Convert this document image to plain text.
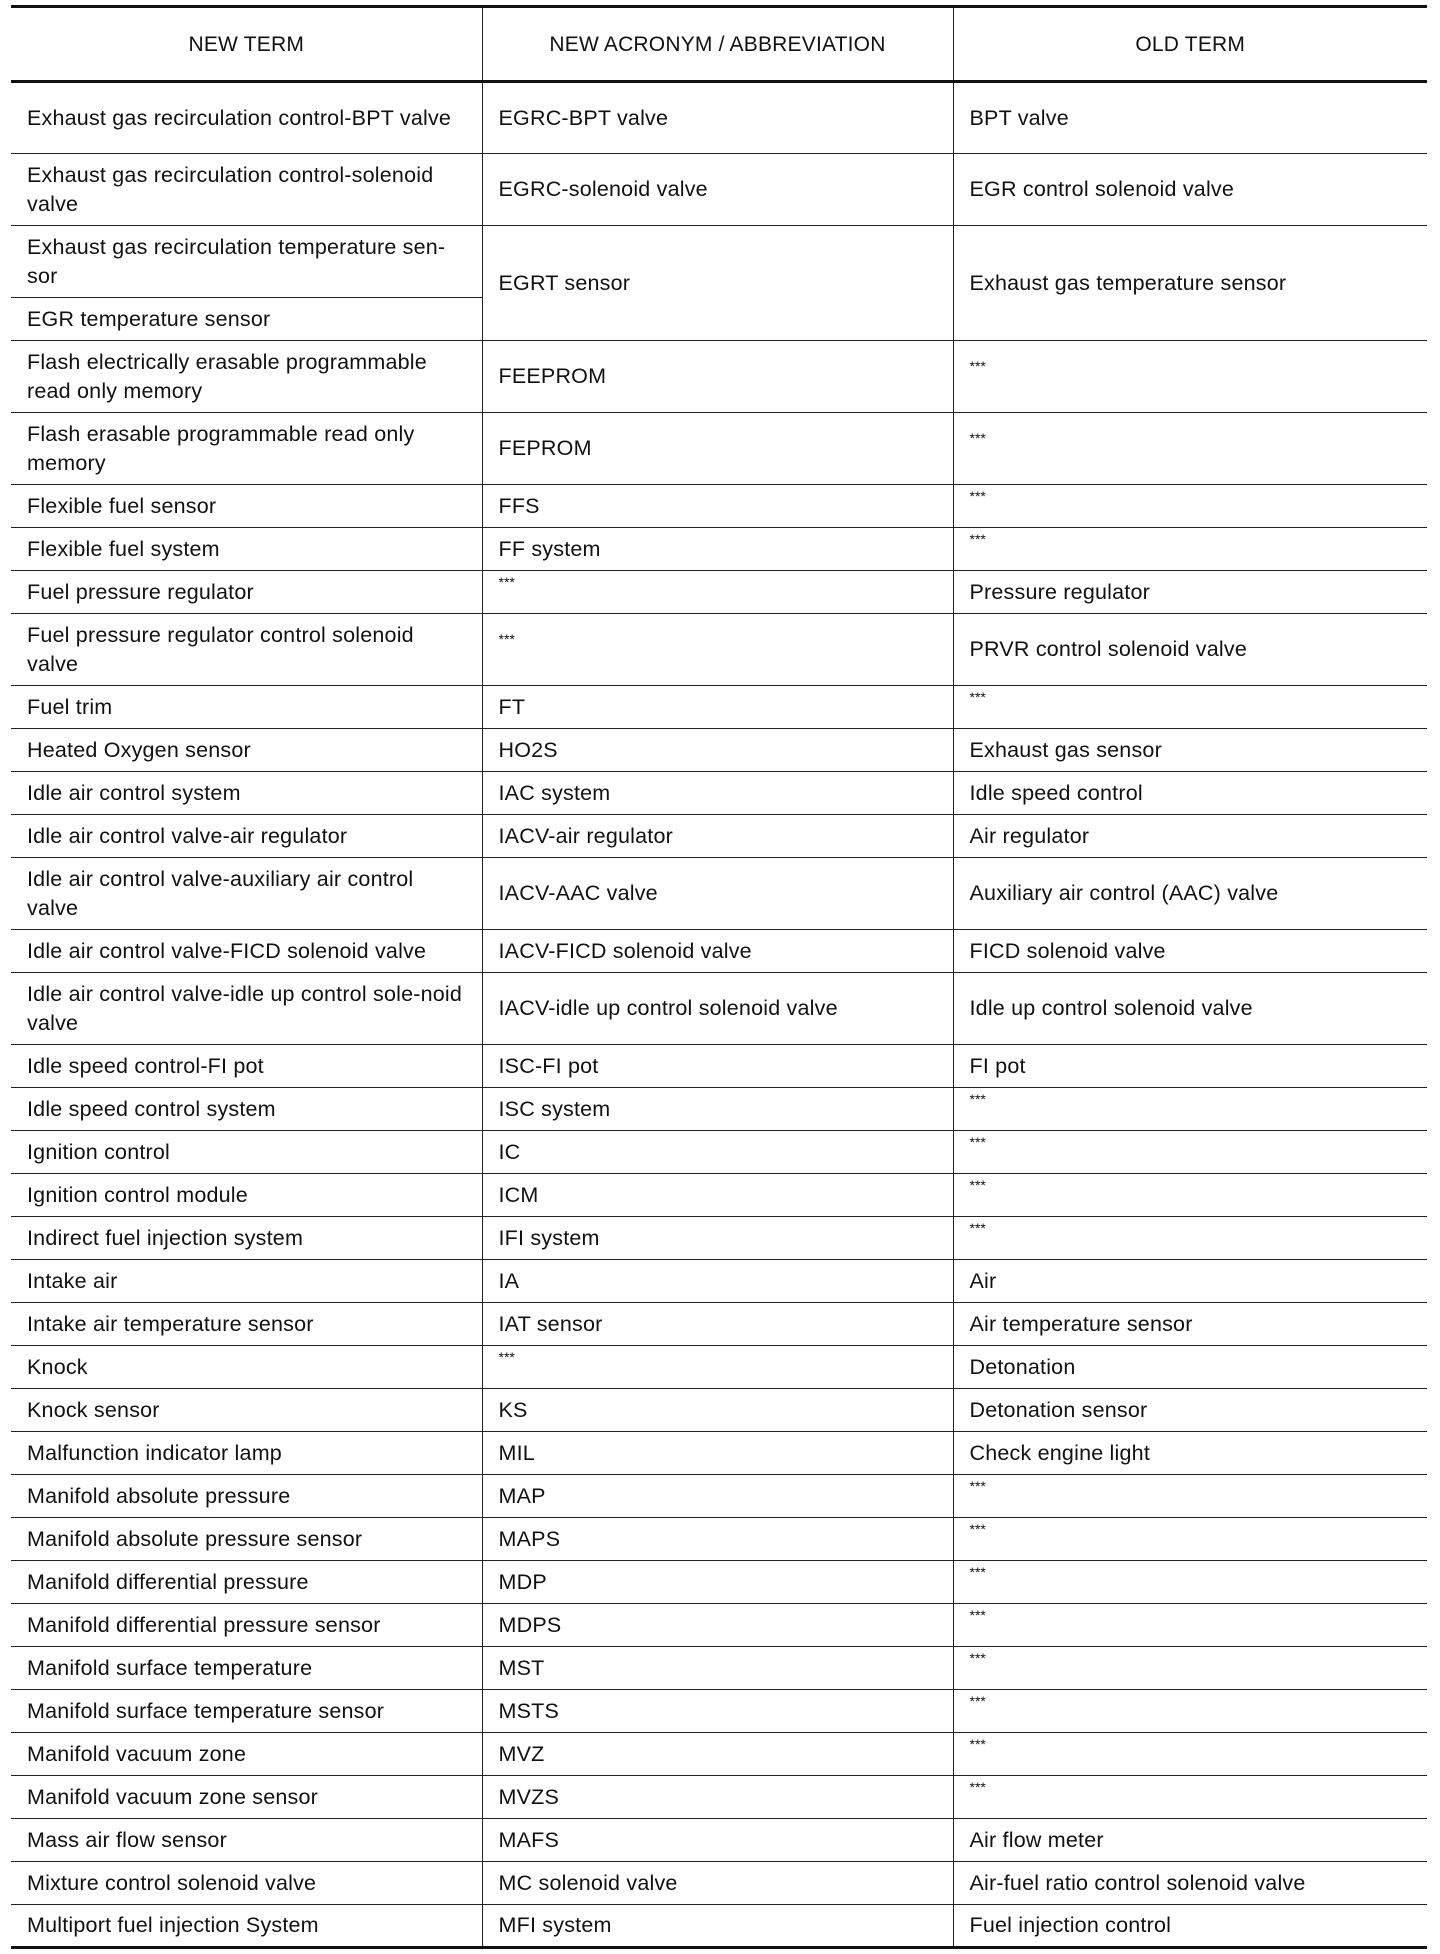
NEW TERM	NEW ACRONYM / ABBREVIATION	OLD TERM
Exhaust gas recirculation control-BPT valve	EGRC-BPT valve	BPT valve
Exhaust gas recirculation control-solenoid valve	EGRC-solenoid valve	EGR control solenoid valve
Exhaust gas recirculation temperature sen-sor	EGRT sensor	Exhaust gas temperature sensor
EGR temperature sensor		
Flash electrically erasable programmable read only memory	FEEPROM	***
Flash erasable programmable read only memory	FEPROM	***
Flexible fuel sensor	FFS	***
Flexible fuel system	FF system	***
Fuel pressure regulator	***	Pressure regulator
Fuel pressure regulator control solenoid valve	***	PRVR control solenoid valve
Fuel trim	FT	***
Heated Oxygen sensor	HO2S	Exhaust gas sensor
Idle air control system	IAC system	Idle speed control
Idle air control valve-air regulator	IACV-air regulator	Air regulator
Idle air control valve-auxiliary air control valve	IACV-AAC valve	Auxiliary air control (AAC) valve
Idle air control valve-FICD solenoid valve	IACV-FICD solenoid valve	FICD solenoid valve
Idle air control valve-idle up control sole-noid valve	IACV-idle up control solenoid valve	Idle up control solenoid valve
Idle speed control-FI pot	ISC-FI pot	FI pot
Idle speed control system	ISC system	***
Ignition control	IC	***
Ignition control module	ICM	***
Indirect fuel injection system	IFI system	***
Intake air	IA	Air
Intake air temperature sensor	IAT sensor	Air temperature sensor
Knock	***	Detonation
Knock sensor	KS	Detonation sensor
Malfunction indicator lamp	MIL	Check engine light
Manifold absolute pressure	MAP	***
Manifold absolute pressure sensor	MAPS	***
Manifold differential pressure	MDP	***
Manifold differential pressure sensor	MDPS	***
Manifold surface temperature	MST	***
Manifold surface temperature sensor	MSTS	***
Manifold vacuum zone	MVZ	***
Manifold vacuum zone sensor	MVZS	***
Mass air flow sensor	MAFS	Air flow meter
Mixture control solenoid valve	MC solenoid valve	Air-fuel ratio control solenoid valve
Multiport fuel injection System	MFI system	Fuel injection control
